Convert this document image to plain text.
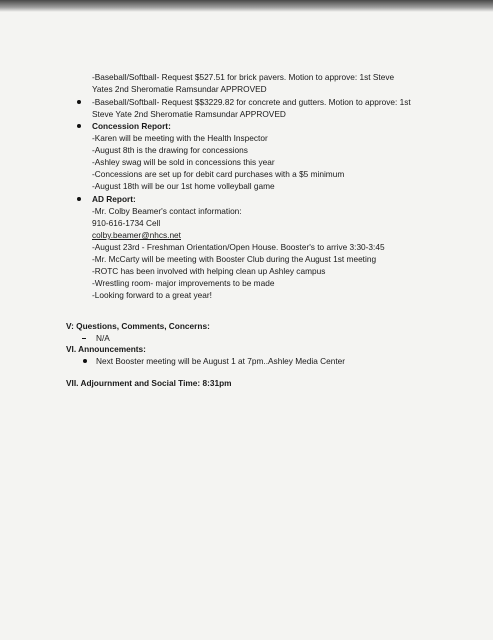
-Baseball/Softball- Request $527.51 for brick pavers. Motion to approve: 1st Steve
Yates 2nd Sheromatie Ramsundar APPROVED
-Baseball/Softball- Request $$3229.82 for concrete and gutters. Motion to approve: 1st
Steve Yate 2nd Sheromatie Ramsundar APPROVED
Concession Report:
-Karen will be meeting with the Health Inspector
-August 8th is the drawing for concessions
-Ashley swag will be sold in concessions this year
-Concessions are set up for debit card purchases with a $5 minimum
-August 18th will be our 1st home volleyball game
AD Report:
-Mr. Colby Beamer's contact information:
910-616-1734 Cell
colby.beamer@nhcs.net
-August 23rd - Freshman Orientation/Open House. Booster's to arrive 3:30-3:45
-Mr. McCarty will be meeting with Booster Club during the August 1st meeting
-ROTC has been involved with helping clean up Ashley campus
-Wrestling room- major improvements to be made
-Looking forward to a great year!
V: Questions, Comments, Concerns:
N/A
VI. Announcements:
Next Booster meeting will be August 1 at 7pm..Ashley Media Center
VII. Adjournment and Social Time: 8:31pm
